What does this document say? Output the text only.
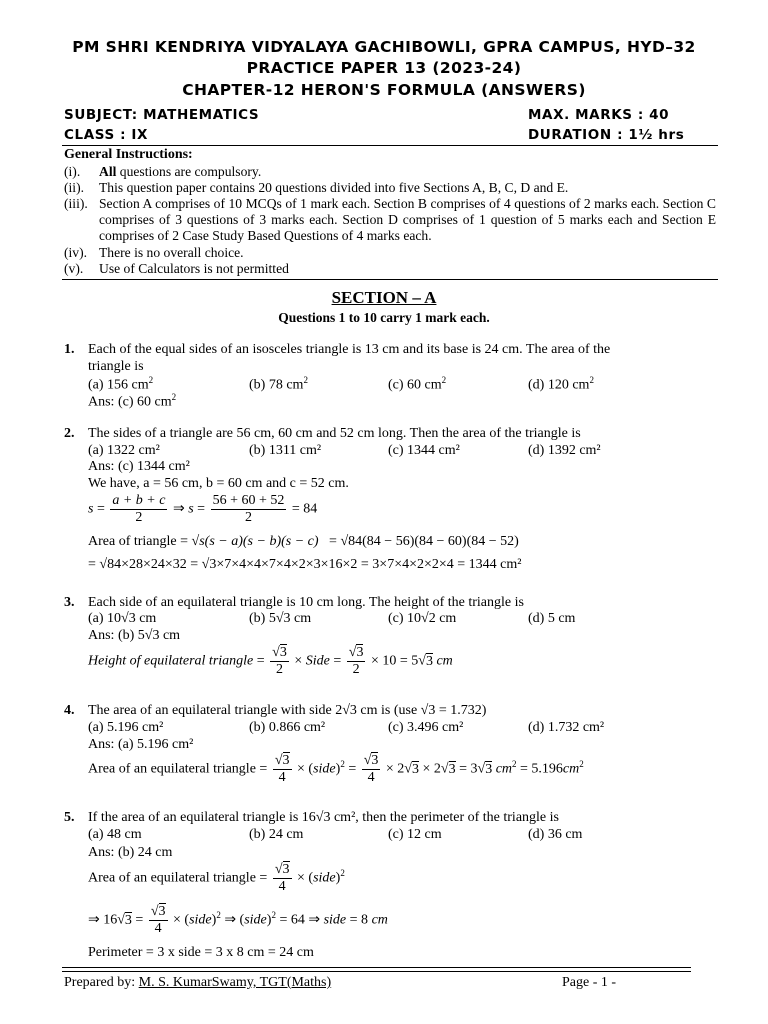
PM SHRI KENDRIYA VIDYALAYA GACHIBOWLI, GPRA CAMPUS, HYD–32
PRACTICE PAPER 13 (2023-24)
CHAPTER-12 HERON'S FORMULA (ANSWERS)
SUBJECT: MATHEMATICS	MAX. MARKS : 40
CLASS : IX	DURATION : 1½ hrs
General Instructions:
(i). All questions are compulsory.
(ii). This question paper contains 20 questions divided into five Sections A, B, C, D and E.
(iii). Section A comprises of 10 MCQs of 1 mark each. Section B comprises of 4 questions of 2 marks each. Section C comprises of 3 questions of 3 marks each. Section D comprises of 1 question of 5 marks each and Section E comprises of 2 Case Study Based Questions of 4 marks each.
(iv). There is no overall choice.
(v). Use of Calculators is not permitted
SECTION – A
Questions 1 to 10 carry 1 mark each.
1. Each of the equal sides of an isosceles triangle is 13 cm and its base is 24 cm. The area of the
triangle is
(a) 156 $cm^2$	(b) 78 $cm^2$	(c) 60 $cm^2$	(d) 120 $cm^2$
Ans: (c) 60 $cm^2$
2. The sides of a triangle are 56 cm, 60 cm and 52 cm long. Then the area of the triangle is
(a) 1322 cm²	(b) 1311 cm²	(c) 1344 cm²	(d) 1392 cm²
Ans: (c) 1344 cm²
We have, a = 56 cm, b = 60 cm and c = 52 cm.
$s = \frac{a + b + c}{2}$ ⇒ $s = \frac{56 + 60 + 52}{2} = 84$
Area of triangle = √s(s − a)(s − b)(s − c)   = √84(84 − 56)(84 − 60)(84 − 52)
= √84×28×24×32 = √3×7×4×4×7×4×2×3×16×2 = 3×7×4×2×2×4 = 1344 cm²
3. Each side of an equilateral triangle is 10 cm long. The height of the triangle is
(a) 10√3 cm	(b) 5√3 cm	(c) 10√2 cm	(d) 5 cm
Ans: (b) 5√3 cm
Height of equilateral triangle = $\frac{√3}{2}$ × Side = $\frac{√3}{2} \times 10 = 5√3$ cm
4. The area of an equilateral triangle with side 2√3 cm is (use √3 = 1.732)
(a) 5.196 cm²	(b) 0.866 cm²	(c) 3.496 cm²	(d) 1.732 cm²
Ans: (a) 5.196 cm²
Area of an equilateral triangle = $\frac{√3}{4}$ × (side)$^2$ = $\frac{√3}{4} \times 2√3 \times 2√3 = 3√3$ $cm^2 = 5.196cm^2$
5. If the area of an equilateral triangle is 16√3 cm², then the perimeter of the triangle is
(a) 48 cm	(b) 24 cm	(c) 12 cm	(d) 36 cm
Ans: (b) 24 cm
Area of an equilateral triangle = $\frac{√3}{4}$ × (side)$^2$
⇒ $16√3 = \frac{√3}{4}$ × (side)$^2$ ⇒ (side)$^2$ = 64 ⇒ side = 8 cm
Perimeter = 3 x side = 3 x 8 cm = 24 cm
Prepared by: M. S. KumarSwamy, TGT(Maths)	Page - 1 -
